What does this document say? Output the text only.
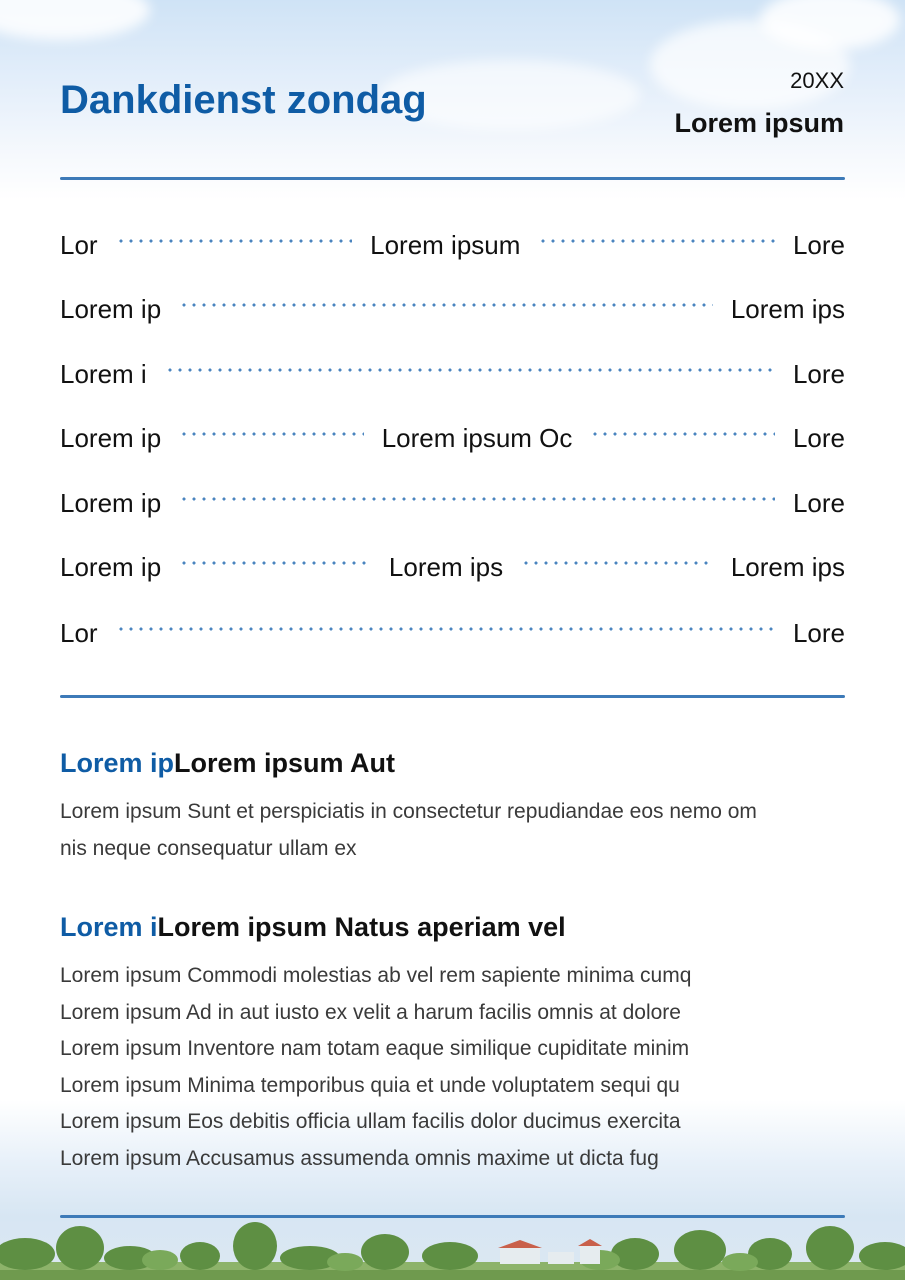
Dankdienst zondag	20XX
Lorem ipsum
Lor	Lorem ipsum	Lore
Lorem ip	Lorem ips
Lorem i	Lore
Lorem ip	Lorem ipsum Oc	Lore
Lorem ip	Lore
Lorem ip	Lorem ips	Lorem ips
Lor	Lore
Lorem ipLorem ipsum Aut

Lorem ipsum Sunt et perspiciatis in consectetur repudiandae eos nemo om
nis neque consequatur ullam ex

Lorem iLorem ipsum Natus aperiam vel

Lorem ipsum Commodi molestias ab vel rem sapiente minima cumq
Lorem ipsum Ad in aut iusto ex velit a harum facilis omnis at dolore
Lorem ipsum Inventore nam totam eaque similique cupiditate minim
Lorem ipsum Minima temporibus quia et unde voluptatem sequi qu
Lorem ipsum Eos debitis officia ullam facilis dolor ducimus exercita
Lorem ipsum Accusamus assumenda omnis maxime ut dicta fug
